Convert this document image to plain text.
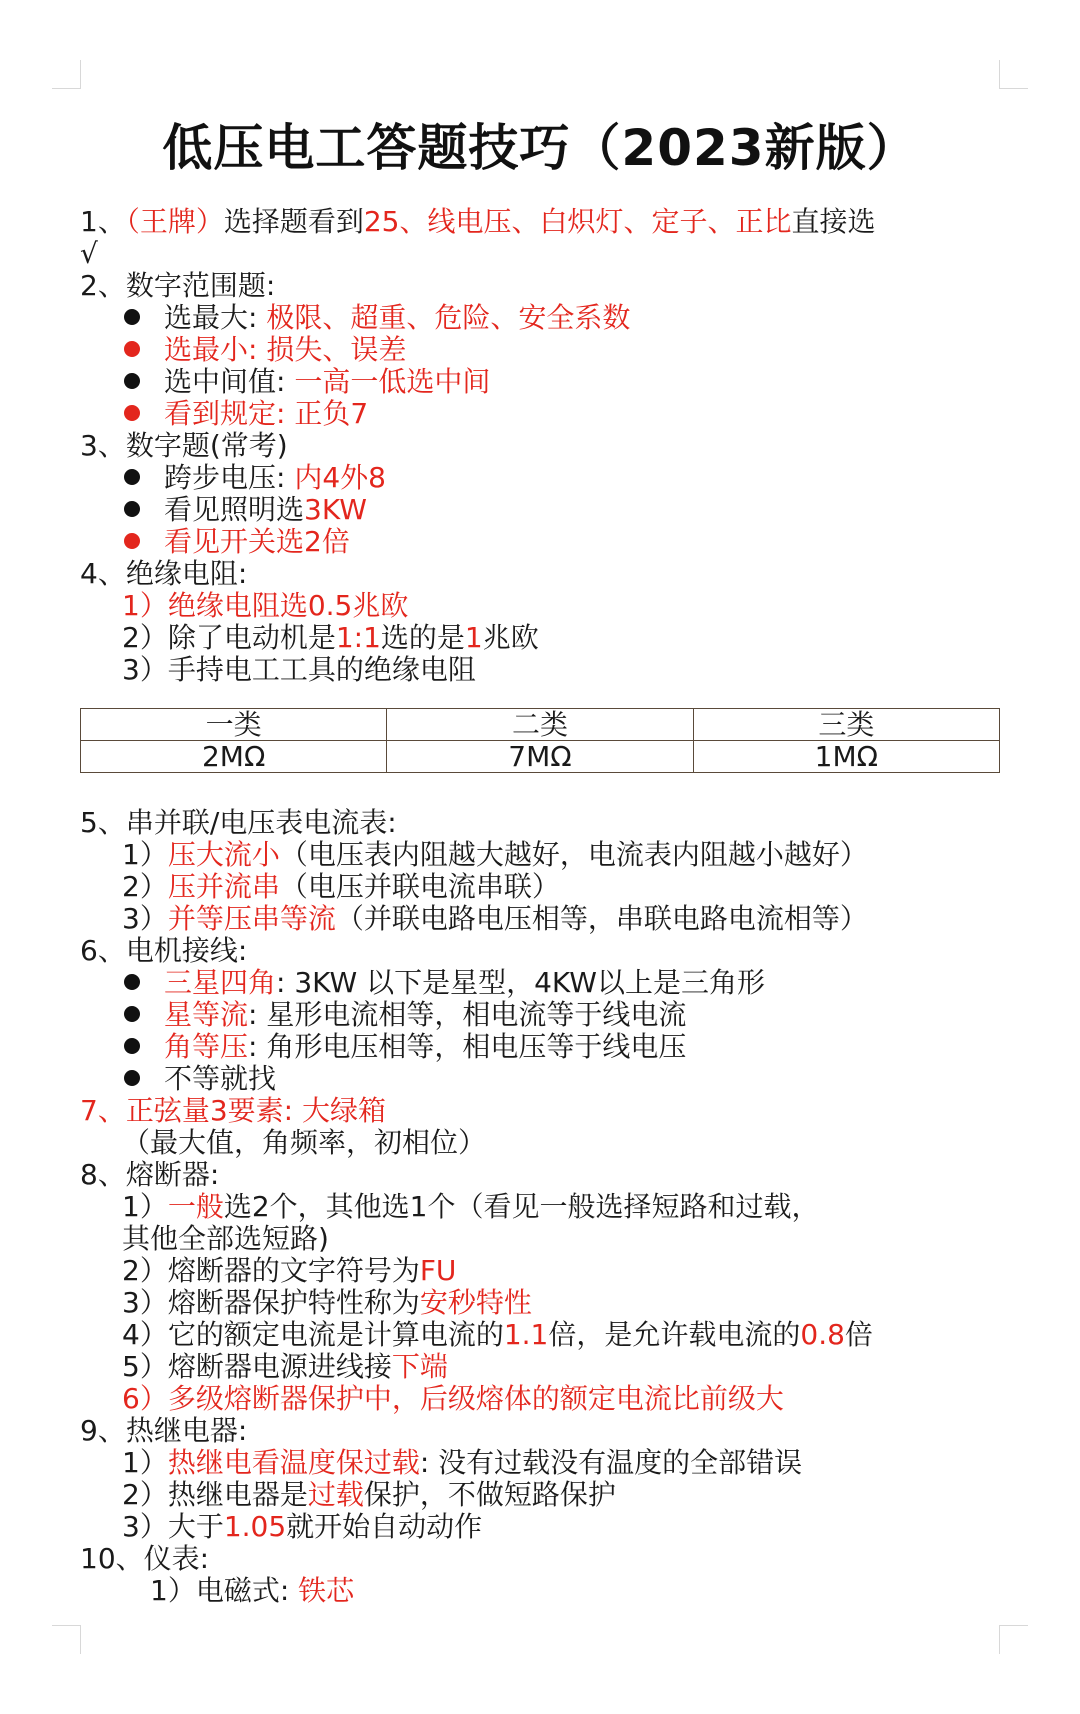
低压电工答题技巧（2023新版）
1、（王牌）选择题看到25、线电压、白炽灯、定子、正比直接选
√
2、数字范围题:
选最大: 极限、超重、危险、安全系数
选最小: 损失、误差
选中间值: 一高一低选中间
看到规定: 正负7
3、数字题(常考)
跨步电压: 内4外8
看见照明选3KW
看见开关选2倍
4、绝缘电阻:
1）绝缘电阻选0.5兆欧
2）除了电动机是1:1选的是1兆欧
3）手持电工工具的绝缘电阻
一类	二类	三类
2MΩ	7MΩ	1MΩ
5、串并联/电压表电流表:
1）压大流小（电压表内阻越大越好，电流表内阻越小越好）
2）压并流串（电压并联电流串联）
3）并等压串等流（并联电路电压相等，串联电路电流相等）
6、电机接线:
三星四角: 3KW 以下是星型，4KW以上是三角形
星等流: 星形电流相等，相电流等于线电流
角等压: 角形电压相等，相电压等于线电压
不等就找
7、正弦量3要素: 大绿箱
（最大值，角频率，初相位）
8、熔断器:
1）一般选2个，其他选1个（看见一般选择短路和过载，
其他全部选短路)
2）熔断器的文字符号为FU
3）熔断器保护特性称为安秒特性
4）它的额定电流是计算电流的1.1倍，是允许载电流的0.8倍
5）熔断器电源进线接下端
6）多级熔断器保护中，后级熔体的额定电流比前级大
9、热继电器:
1）热继电看温度保过载: 没有过载没有温度的全部错误
2）热继电器是过载保护，不做短路保护
3）大于1.05就开始自动动作
10、仪表:
1）电磁式: 铁芯
